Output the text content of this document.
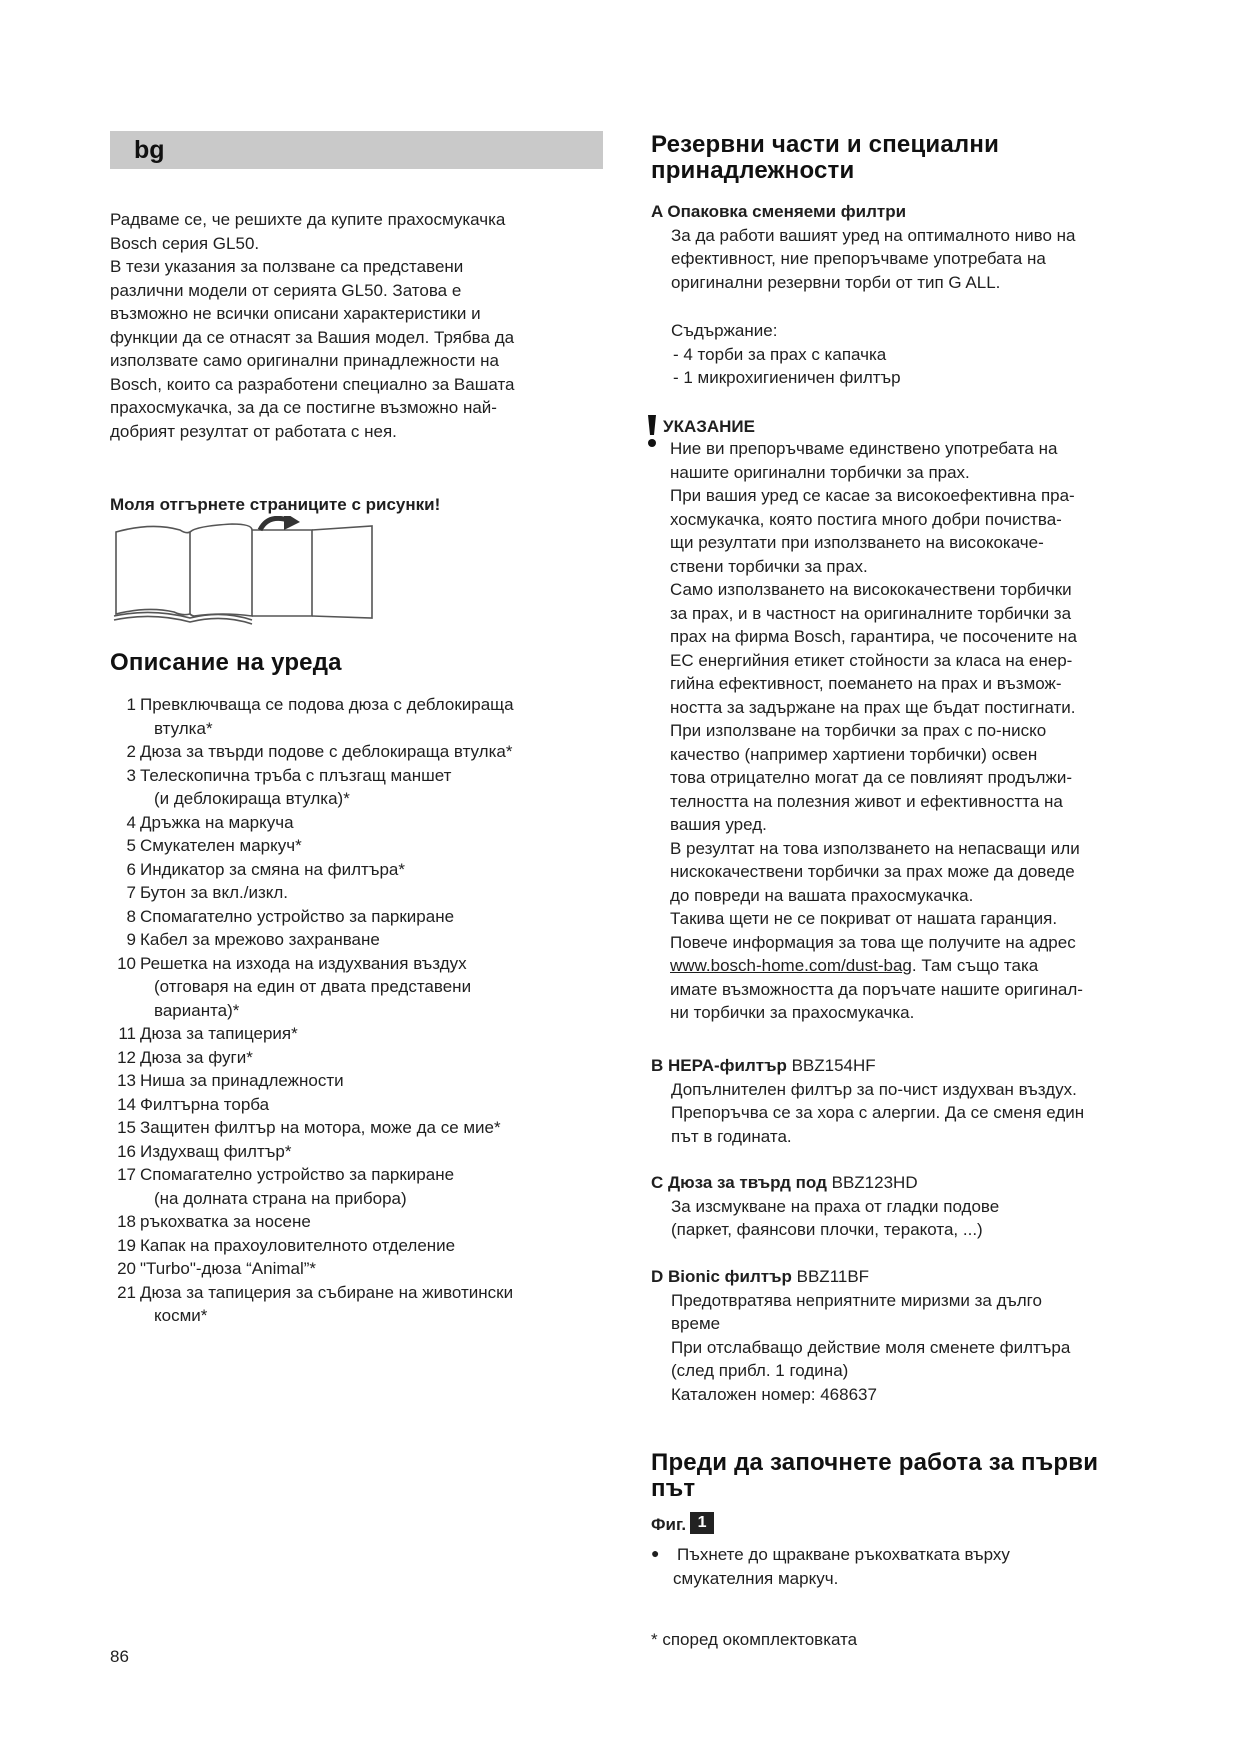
bg

Радваме се, че решихте да купите прахосмукачка

Bosch серия GL50.

В тези указания за ползване са представени

различни модели от серията GL50. Затова е

възможно не всички описани характеристики и

функции да се отнасят за Вашия модел. Трябва да

използвате само оригинални принадлежности на

Bosch, които са разработени специално за Вашата

прахосмукачка, за да се постигне възможно най-

добрият резултат от работата с нея.

Моля отгърнете страниците с рисунки!
Описание на уреда
1 Превключваща се подова дюза с деблокираща
втулка*
2 Дюза за твърди подове с деблокираща втулка*
3 Телескопична тръба с плъзгащ маншет
(и деблокираща втулка)*
4 Дръжка на маркуча
5 Смукателен маркуч*
6 Индикатор за смяна на филтъра*
7 Бутон за вкл./изкл.
8 Спомагателно устройство за паркиране
9 Кабел за мрежово захранване
10 Решетка на изхода на издухвания въздух
(отговаря на един от двата представени
варианта)*
11 Дюза за тапицерия*
12 Дюза за фуги*
13 Ниша за принадлежности
14 Филтърна торба
15 Защитен филтър на мотора, може да се мие*
16 Издухващ филтър*
17 Спомагателно устройство за паркиране
(на долната страна на прибора)
18 ръкохватка за носене
19 Капак на прахоуловителното отделение
20 "Turbo"-дюза “Animal”*
21 Дюза за тапицерия за събиране на животински
косми*
86
Резервни части и специални
принадлежности
A Опаковка сменяеми филтри
За да работи вашият уред на оптималното ниво на
ефективност, ние препоръчваме употребата на
оригинални резервни торби от тип G ALL.
Съдържание:
- 4 торби за прах с капачка
- 1 микрохигиеничен филтър
УКАЗАНИЕ
Ние ви препоръчваме единствено употребата на
нашите оригинални торбички за прах.
При вашия уред се касае за високоефективна пра-
хосмукачка, която постига много добри почиства-
щи резултати при използването на висококаче-
ствени торбички за прах.
Само използването на висококачествени торбички
за прах, и в частност на оригиналните торбички за
прах на фирма Bosch, гарантира, че посочените на
ЕС енергийния етикет стойности за класа на енер-
гийна ефективност, поемането на прах и възмож-
ността за задържане на прах ще бъдат постигнати.
При използване на торбички за прах с по-ниско
качество (например хартиени торбички) освен
това отрицателно могат да се повлияят продължи-
телността на полезния живот и ефективността на
вашия уред.
В резултат на това използването на непасващи или
нискокачествени торбички за прах може да доведе
до повреди на вашата прахосмукачка.
Такива щети не се покриват от нашата гаранция.
Повече информация за това ще получите на адрес
www.bosch-home.com/dust-bag. Там също така
имате възможността да поръчате нашите оригинал-
ни торбички за прахосмукачка.
B HEPA-филтър BBZ154HF
Допълнителен филтър за по-чист издухван въздух.
Препоръчва се за хора с алергии. Да се сменя един
път в годината.
C Дюза за твърд под BBZ123HD
За изсмукване на праха от гладки подове
(паркет, фаянсови плочки, теракота, ...)
D Bionic филтър BBZ11BF
Предотвратява неприятните миризми за дълго
време
При отслабващо действие моля сменете филтъра
(след прибл. 1 година)
Каталожен номер: 468637
Преди да започнете работа за първи
път
Фиг. 1
● Пъхнете до щракване ръкохватката върху
смукателния маркуч.
* според окомплектовката
